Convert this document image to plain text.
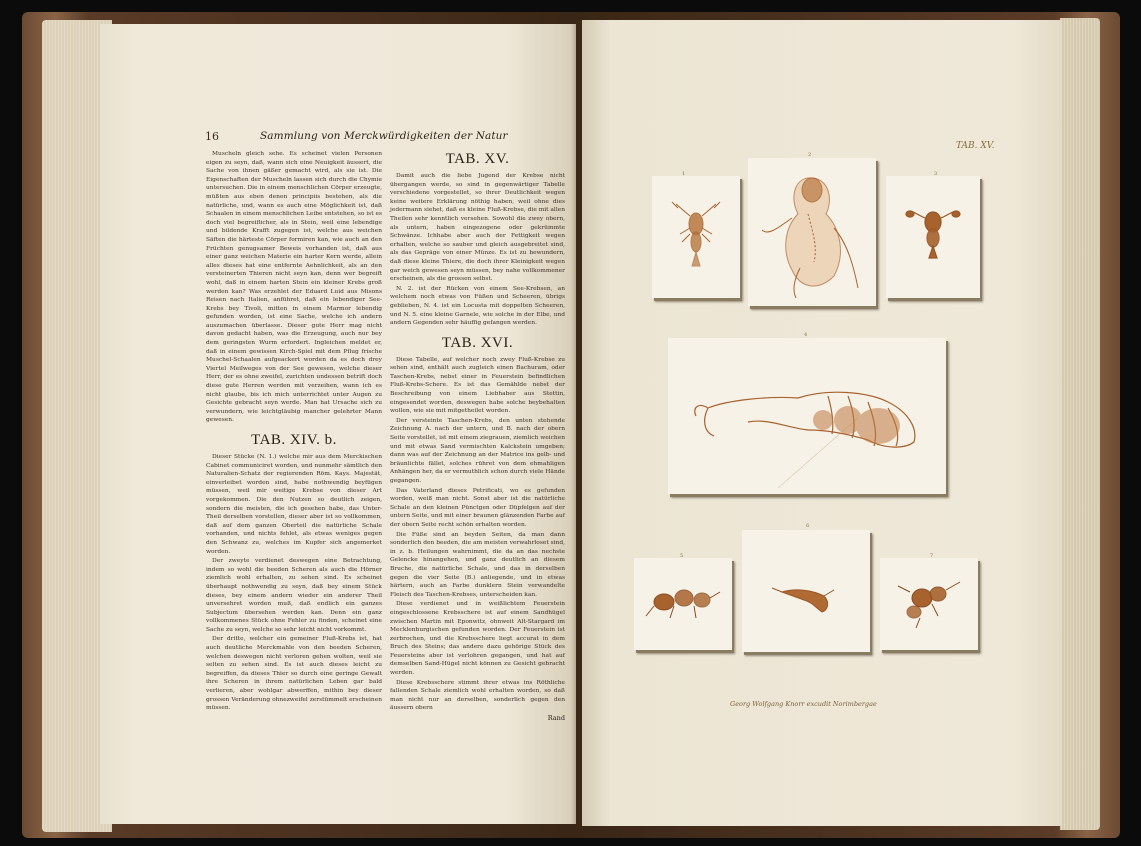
16	Sammlung von Merckwürdigkeiten der Natur

Muscheln gleich sehe. Es scheinet vielen Personen eigen zu seyn, daß, wann sich eine Neuigkeit äussert, die Sache von ihnen gäßer gemacht wird, als sie ist. Die Eigenschaften der Muscheln lassen sich durch die Chymie untersuchen. Die in einem menschlichen Cörper erzeugte, müßten aus eben denen principiis bestehen, als die natürliche, und, wann es auch eine Möglichkeit ist, daß Schaalen in einem menschlichen Leibe entstehen, so ist es doch viel begreiflicher, als in Stein, weil eine lebendige und bildende Krafft zugegen ist, welche aus weichen Säften die härteste Cörper formiren kan, wie auch an den Früchten genugsamer Beweis vorhanden ist, daß aus einer ganz weichen Materie ein harter Kern werde, allein alles dieses hat eine entfernte Aehnlichkeit, als an den versteinerten Thieren nicht seyn kan, denn wer begreift wohl, daß in einem harten Stein ein kleiner Krebs groß werden kan? Was erzehlet der Eduard Luid aus Misons Reisen nach Italien, anführet, daß ein lebendiger See-Krebs bey Tivoli, mitten in einem Marmor lebendig gefunden worden, ist eine Sache, welche ich andern auszumachen überlasse. Dieser gute Herr mag nicht davon gedacht haben, was die Erzeugung, auch nur bey dem geringsten Wurm erfordert. Ingleichen meldet er, daß in einem gewissen Kirch-Spiel mit dem Pflug frische Muschel-Schaalen aufgeackert worden da es doch drey Viertel Meilweges von der See gewesen, welche dieser Herr, der es ohne zweifel, zurichten undessen betrift doch diese gute Herren werden mit verzeihen, wann ich es nicht glaube, bis ich mich unterrichtet unter Augen zu Gesichte gebracht seyn werde. Man hat Ursache sich zu verwundern, wie leichtgläubig mancher gelehrter Mann gewesen.

TAB. XIV. b.

Dieser Stücke (N. 1.) welche mir aus dem Merckischen Cabinet communiciret worden, und nunmehr sämtlich den Naturalien-Schatz der regierenden Röm. Kays. Majestät, einverleibet worden sind, habe nothwendig beyfügen müssen, weil mir weitige Krebse von dieser Art vorgekommen. Die den Nutzen so deutlich zeigen, sondern die meisten, die ich gesehen habe, das Unter-Theil derselben vorstellen, dieser aber ist so vollkommen, daß auf dem ganzen Oberteil die natürliche Schale vorhanden, und nichts fehlet, als etwas weniges gegen den Schwanz zu, welches im Kupfer sich angemerket worden.

Der zweyte verdienet deswegen eine Betrachtung, indem so wohl die beeden Scheren als auch die Hörner ziemlich wohl erhalten, zu sehen sind. Es scheinet überhaupt nothwendig zu seyn, daß bey einem Stück dieses, bey einem andern wieder ein anderer Theil unversehret worden muß, daß endlich ein ganzes Subjectum übersehen werden kan. Denn ein ganz vollkommenes Stück ohne Fehler zu finden, scheinet eine Sache zu seyn, welche so sehr leicht nicht vorkommt.

Der dritte, welcher ein gemeiner Fluß-Krebs ist, hat auch deutliche Merckmahle von den beeden Scheren, welchen deswegen nicht verloren gehen wolten, weil sie selten zu sehen sind. Es ist auch dieses leicht zu begreiffen, da dieses Thier so durch eine geringe Gewalt ihre Scheren in ihrem natürlichen Leben gar bald verlieren, aber wohlgar abwerffen, mithin bey dieser grossen Veränderung ohnezweifel zerstümmelt erscheinen müssen.

TAB. XV.

Damit auch die liebe Jugend der Krebse nicht übergangen werde, so sind in gegenwärtiger Tabelle verschiedene vorgestellet, so ihrer Deutlichkeit wegen keine weitere Erklärung nöthig haben, weil ohne dies jedermann siehet, daß es kleine Fluß-Krebse, die mit allen Theilen sehr kenntlich versehen. Sowohl die zwey obern, als untern, haben eingezogene oder gekrümmte Schwänze. Ichhabe aber auch der Fettigkeit wegen erhalten, welche so sauber und gleich ausgebreitet sind, als das Gepräge von einer Münze. Es ist zu bewundern, daß diese kleine Thiere, die doch ihrer Kleinigkeit wegen gar weich gewesen seyn müssen, bey nahe vollkommener erscheinen, als die grossen selbst.

N. 2. ist der Rücken von einem See-Krebsen, an welchem noch etwas von Füßen und Scheeren, übrigs geblieben, N. 4. ist ein Locusta mit doppelten Scheeren, und N. 5. eine kleine Garnele, wie solche in der Elbe, und andern Gegenden sehr häuffig gefangen werden.

TAB. XVI.

Diese Tabelle, auf welcher noch zwey Fluß-Krebse zu sehen sind, enthält auch zugleich einen Bachuram, oder Taschen-Krebs, nebst einer in Feuerstein befindlichen Fluß-Krebs-Schere. Es ist das Gemählde nebst der Beschreibung von einem Liebhaber aus Stettin, eingesendet worden, deswegen habe solche beybehalten wollen, wie sie mit mitgetheilet worden.

Der versteinte Taschen-Krebs, den unten stehende Zeichnung A. nach der untern, und B. nach der obern Seite vorstellet, ist mit einem ziegrauen, ziemlich weichen und mit etwas Sand vermischten Kalckstein umgeben; dann was auf der Zeichnung an der Matrice ins gelb- und bräunlichte fället, solches rühret von dem ehmahligen Anhängen her, da er vermuthlich schon durch viele Hände gegangen.

Das Vaterland dieses Petrificati, wo es gefunden worden, weiß man nicht. Sonst aber ist die natürliche Schale an den kleinen Pünctgen oder Düpfelgen auf der untern Seite, und mit einer braunen glänzenden Farbe auf der obern Seite recht schön erhalten worden.

Die Füße sind an beyden Seiten, da man dann sonderlich den beeden, die am meisten verwahrloset sind, in z. b. Heilungen wahrnimmt, die da an das nechste Gelencke hinangehen, und ganz deutlich an diesem Bruche, die natürliche Schale, und das in derselben gegen die vier Seite (B.) anliegende, und in etwas härtern, auch an Farbe dunklern Stein verwandelte Fleisch des Taschen-Krebses, unterscheiden kan.

Diese verdienet und in weißlichtem Feuerstein eingeschlossene Krebsschere ist auf einem Sandhügel zwischen Martin mit Eponwitz, ohnweit Alt-Stargard im Mecklenburgischen gefunden worden. Der Feuerstein ist zerbrochen, und die Krebsschere liegt accurat in dem Bruch des Steins; das andere dazu gehörige Stück des Feuersteins aber ist verlohren gegangen, und hat auf demselben Sand-Hügel nicht können zu Gesicht gebracht werden.

Diese Krebsschere stimmt ihrer etwas ins Röthliche fallenden Schale ziemlich wohl erhalten worden, so daß man nicht nur an derselben, sonderlich gegen den äussern obern

Rand
TAB. XV.
1
2
3
4
5
6
7
Georg Wolfgang Knorr excudit Norimbergae
